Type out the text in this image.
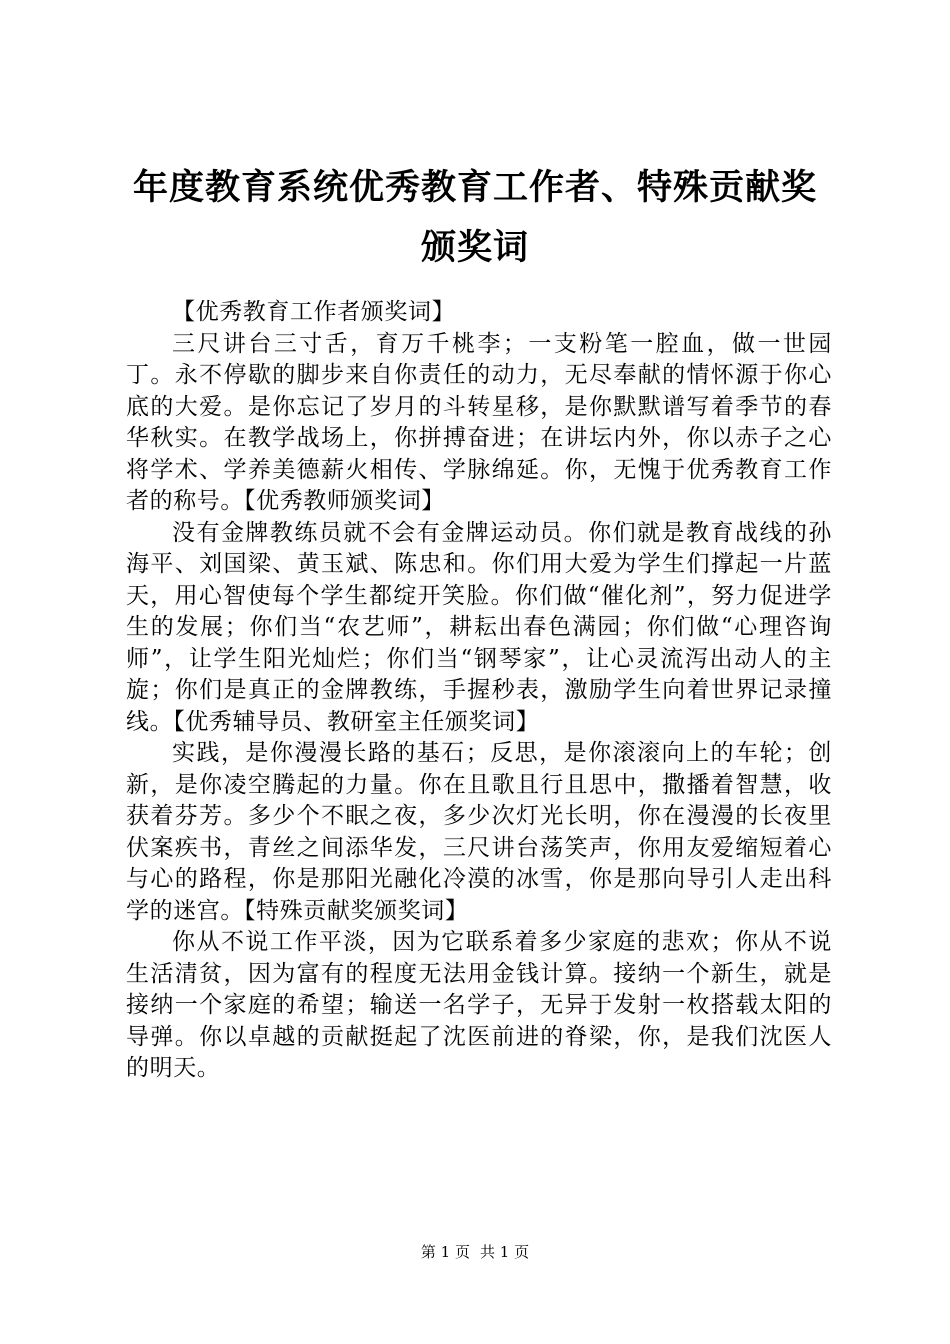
年度教育系统优秀教育工作者、特殊贡献奖颁奖词

【优秀教育工作者颁奖词】

三尺讲台三寸舌，育万千桃李；一支粉笔一腔血，做一世园丁。永不停歇的脚步来自你责任的动力，无尽奉献的情怀源于你心底的大爱。是你忘记了岁月的斗转星移，是你默默谱写着季节的春华秋实。在教学战场上，你拼搏奋进；在讲坛内外，你以赤子之心将学术、学养美德薪火相传、学脉绵延。你，无愧于优秀教育工作者的称号。【优秀教师颁奖词】

没有金牌教练员就不会有金牌运动员。你们就是教育战线的孙海平、刘国梁、黄玉斌、陈忠和。你们用大爱为学生们撑起一片蓝天，用心智使每个学生都绽开笑脸。你们做“催化剂”，努力促进学生的发展；你们当“农艺师”，耕耘出春色满园；你们做“心理咨询师”，让学生阳光灿烂；你们当“钢琴家”，让心灵流泻出动人的主旋；你们是真正的金牌教练，手握秒表，激励学生向着世界记录撞线。【优秀辅导员、教研室主任颁奖词】

实践，是你漫漫长路的基石；反思，是你滚滚向上的车轮；创新，是你凌空腾起的力量。你在且歌且行且思中，撒播着智慧，收获着芬芳。多少个不眠之夜，多少次灯光长明，你在漫漫的长夜里伏案疾书，青丝之间添华发，三尺讲台荡笑声，你用友爱缩短着心与心的路程，你是那阳光融化冷漠的冰雪，你是那向导引人走出科学的迷宫。【特殊贡献奖颁奖词】

你从不说工作平淡，因为它联系着多少家庭的悲欢；你从不说生活清贫，因为富有的程度无法用金钱计算。接纳一个新生，就是接纳一个家庭的希望；输送一名学子，无异于发射一枚搭载太阳的导弹。你以卓越的贡献挺起了沈医前进的脊梁，你，是我们沈医人的明天。

第 1 页 共 1 页
